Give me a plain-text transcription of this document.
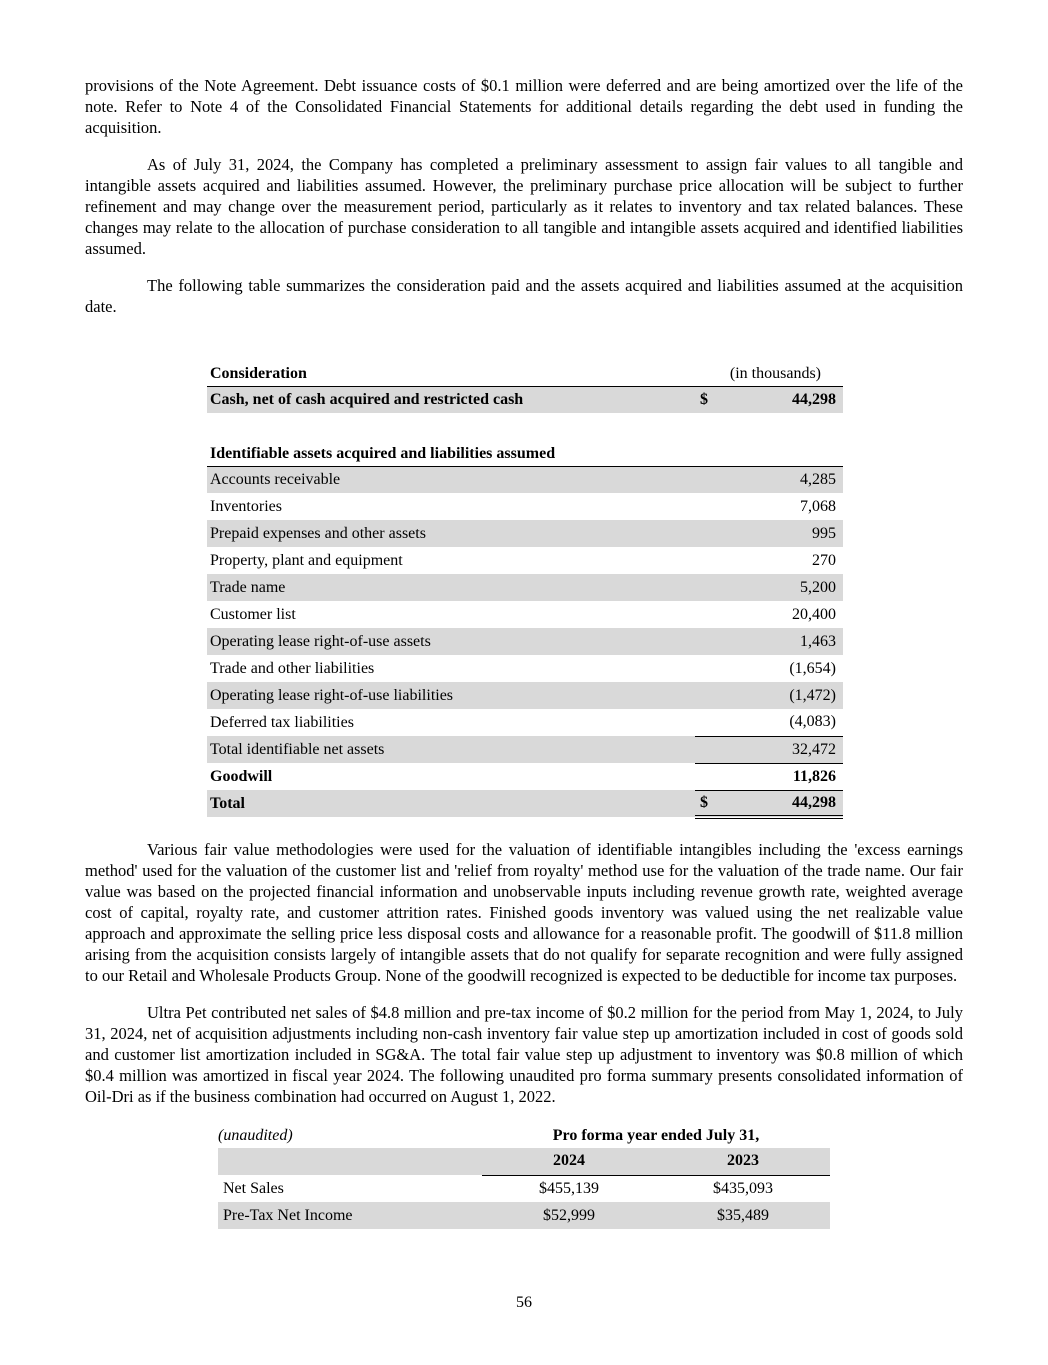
provisions of the Note Agreement. Debt issuance costs of $0.1 million were deferred and are being amortized over the life of the note. Refer to Note 4 of the Consolidated Financial Statements for additional details regarding the debt used in funding the acquisition.

As of July 31, 2024, the Company has completed a preliminary assessment to assign fair values to all tangible and intangible assets acquired and liabilities assumed. However, the preliminary purchase price allocation will be subject to further refinement and may change over the measurement period, particularly as it relates to inventory and tax related balances. These changes may relate to the allocation of purchase consideration to all tangible and intangible assets acquired and identified liabilities assumed.

The following table summarizes the consideration paid and the assets acquired and liabilities assumed at the acquisition date.

Consideration	(in thousands)	
Cash, net of cash acquired and restricted cash	$	44,298
Identifiable assets acquired and liabilities assumed		
Accounts receivable		4,285
Inventories		7,068
Prepaid expenses and other assets		995
Property, plant and equipment		270
Trade name		5,200
Customer list		20,400
Operating lease right-of-use assets		1,463
Trade and other liabilities		(1,654)
Operating lease right-of-use liabilities		(1,472)
Deferred tax liabilities		(4,083)
Total identifiable net assets		32,472
Goodwill		11,826
Total	$	44,298

Various fair value methodologies were used for the valuation of identifiable intangibles including the 'excess earnings method' used for the valuation of the customer list and 'relief from royalty' method use for the valuation of the trade name. Our fair value was based on the projected financial information and unobservable inputs including revenue growth rate, weighted average cost of capital, royalty rate, and customer attrition rates. Finished goods inventory was valued using the net realizable value approach and approximate the selling price less disposal costs and allowance for a reasonable profit. The goodwill of $11.8 million arising from the acquisition consists largely of intangible assets that do not qualify for separate recognition and were fully assigned to our Retail and Wholesale Products Group. None of the goodwill recognized is expected to be deductible for income tax purposes.

Ultra Pet contributed net sales of $4.8 million and pre-tax income of $0.2 million for the period from May 1, 2024, to July 31, 2024, net of acquisition adjustments including non-cash inventory fair value step up amortization included in cost of goods sold and customer list amortization included in SG&A. The total fair value step up adjustment to inventory was $0.8 million of which $0.4 million was amortized in fiscal year 2024. The following unaudited pro forma summary presents consolidated information of Oil-Dri as if the business combination had occurred on August 1, 2022.

(unaudited)	Pro forma year ended July 31,	
	2024	2023
Net Sales	$455,139	$435,093
Pre-Tax Net Income	$52,999	$35,489
56
